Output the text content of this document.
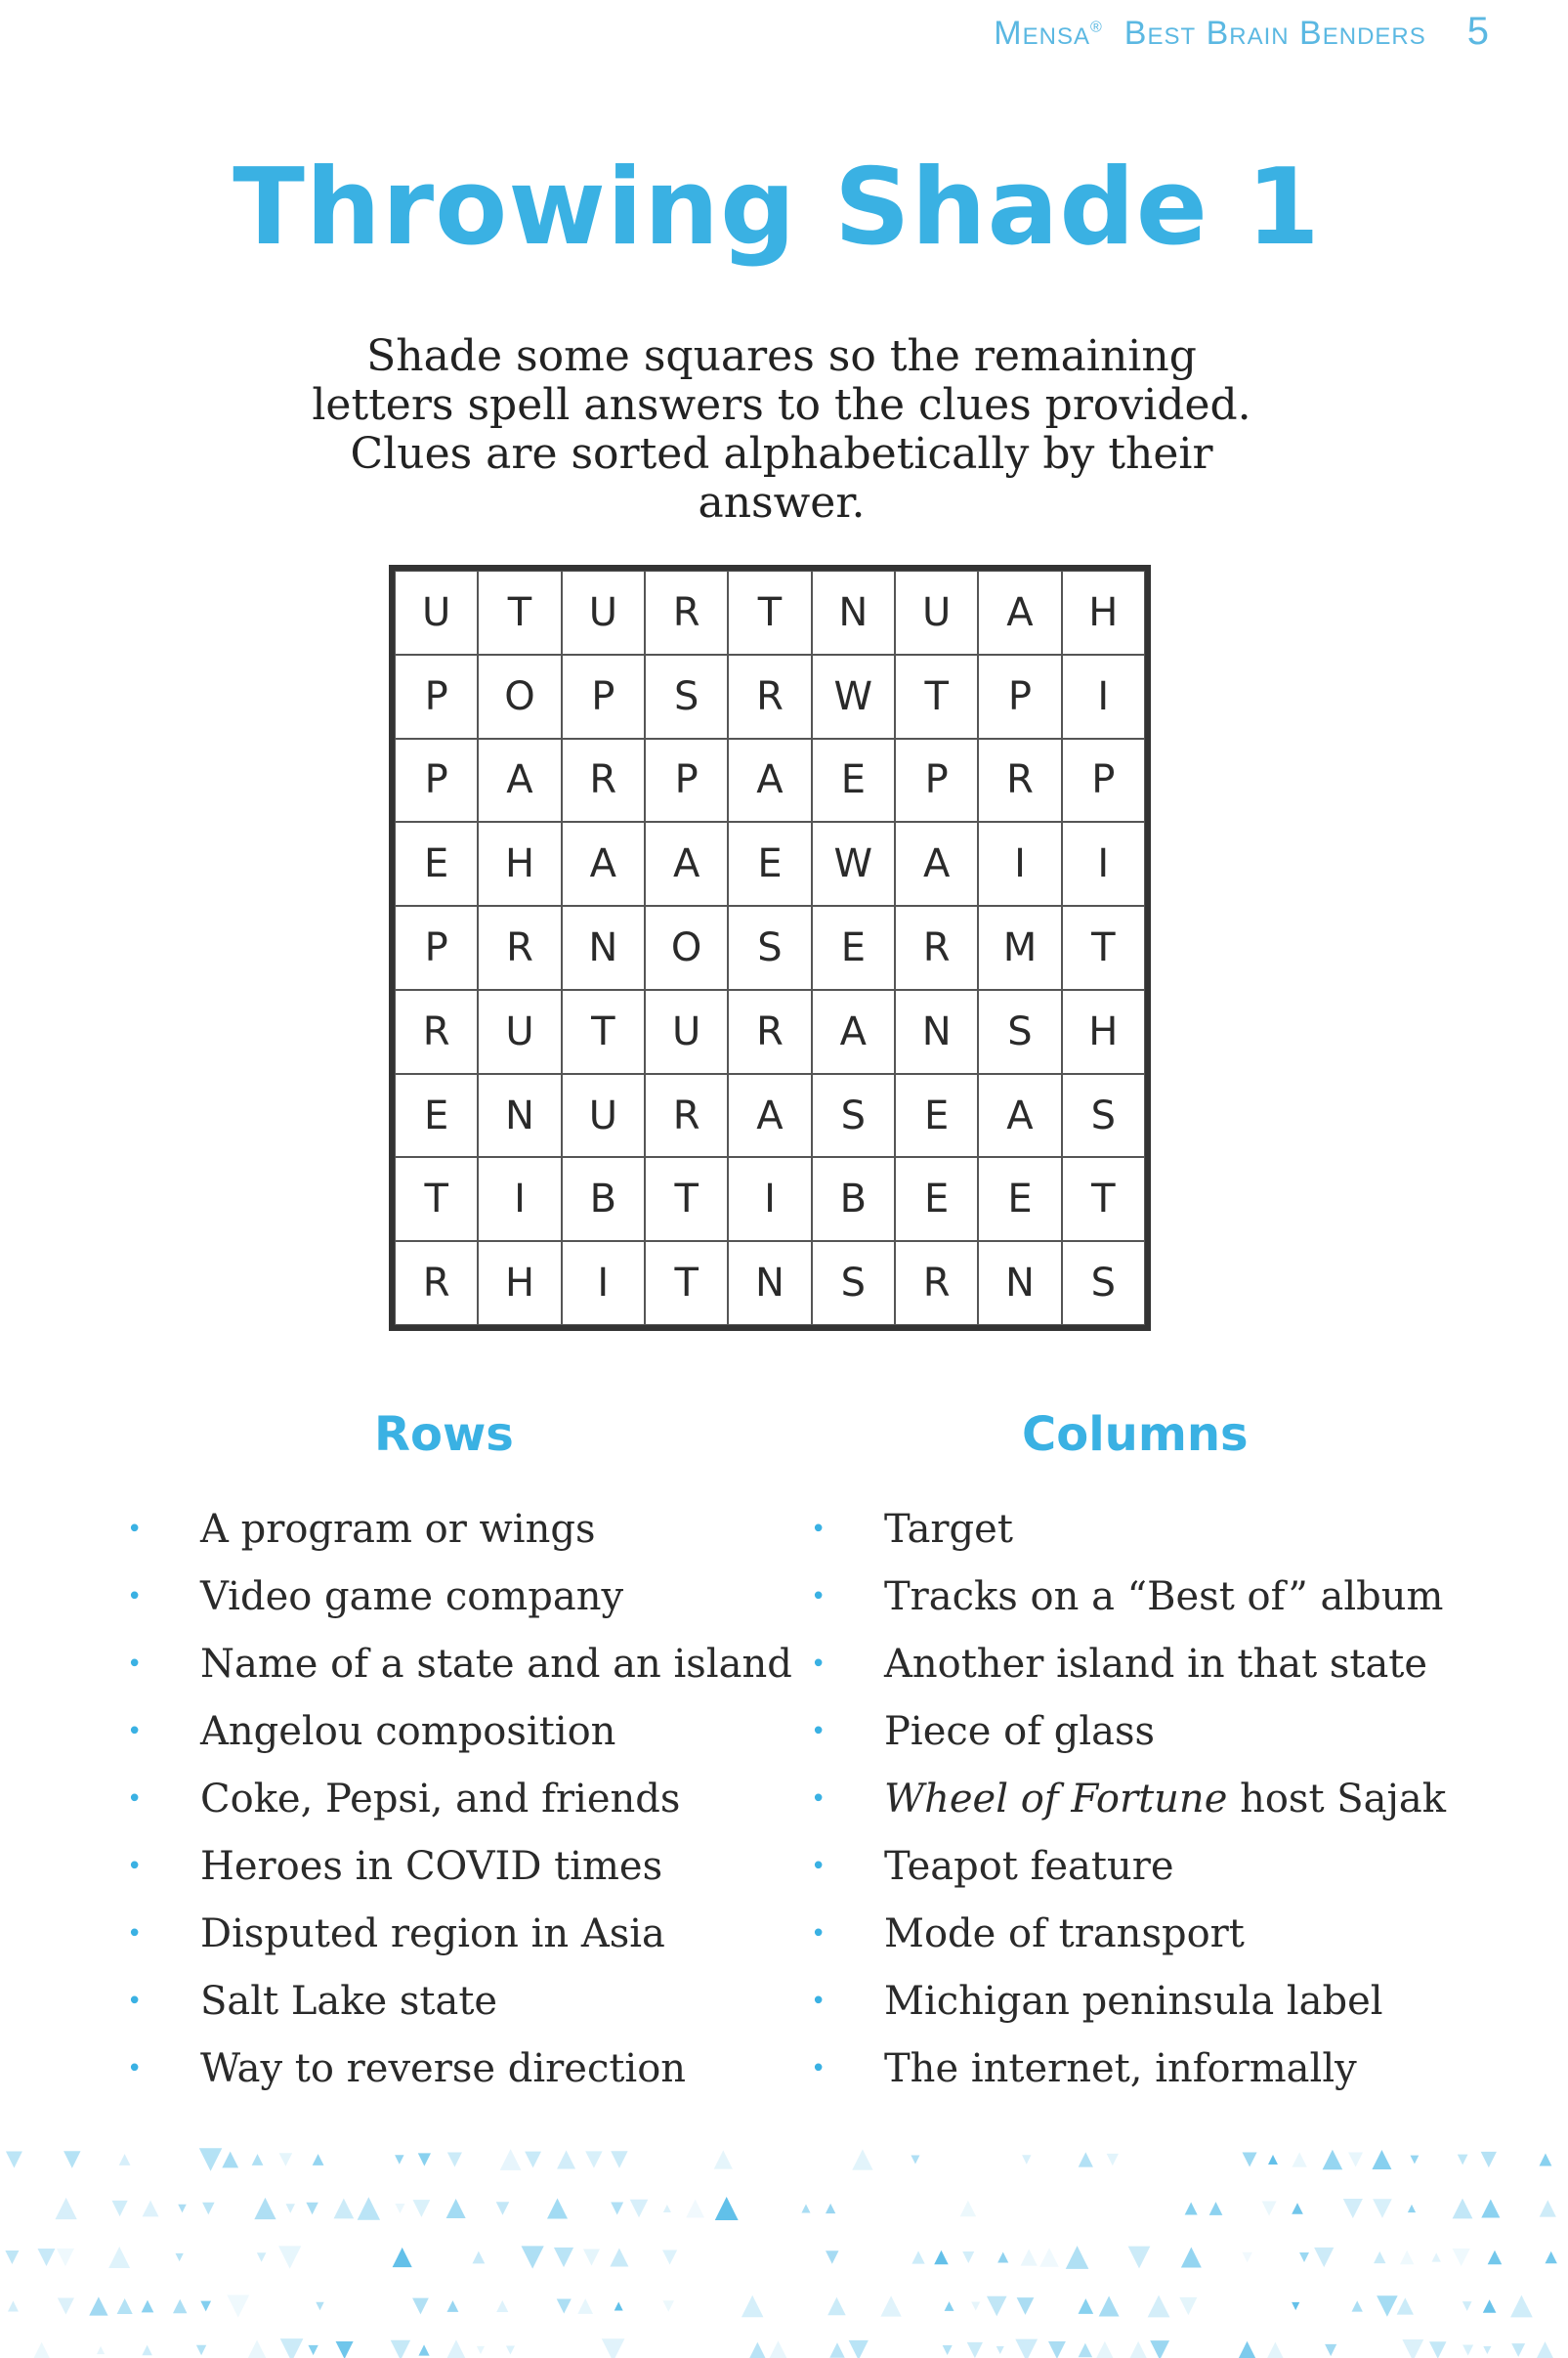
Mensa® Best Brain Benders 5
Throwing Shade 1

Shade some squares so the remaining letters spell answers to the clues provided. Clues are sorted alphabetically by their answer.

U	T	U	R	T	N	U	A	H
P	O	P	S	R	W	T	P	I
P	A	R	P	A	E	P	R	P
E	H	A	A	E	W	A	I	I
P	R	N	O	S	E	R	M	T
R	U	T	U	R	A	N	S	H
E	N	U	R	A	S	E	A	S
T	I	B	T	I	B	E	E	T
R	H	I	T	N	S	R	N	S
Rows	Columns
•	A program or wings
•	Video game company
•	Name of a state and an island
•	Angelou composition
•	Coke, Pepsi, and friends
•	Heroes in COVID times
•	Disputed region in Asia
•	Salt Lake state
•	Way to reverse direction
•	Target
•	Tracks on a “Best of” album
•	Another island in that state
•	Piece of glass
•	Wheel of Fortune host Sajak
•	Teapot feature
•	Mode of transport
•	Michigan peninsula label
•	The internet, informally
